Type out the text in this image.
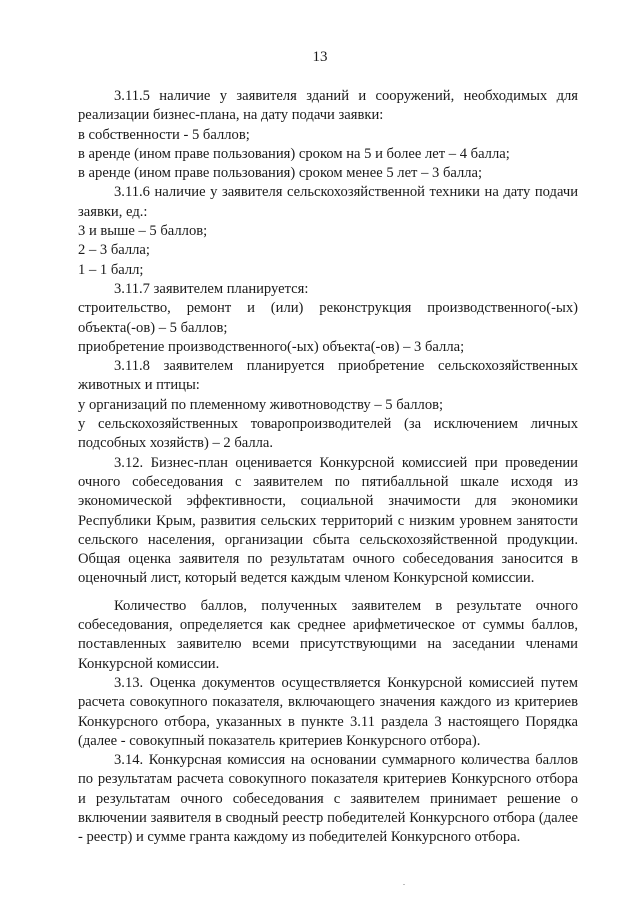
13

3.11.5 наличие у заявителя зданий и сооружений, необходимых для реализации бизнес-плана, на дату подачи заявки:

в собственности - 5 баллов;

в аренде (ином праве пользования) сроком на 5 и более лет – 4 балла;

в аренде (ином праве пользования) сроком менее 5 лет – 3 балла;

3.11.6 наличие у заявителя сельскохозяйственной техники на дату подачи заявки, ед.:

3 и выше – 5 баллов;

2 – 3 балла;

1 – 1 балл;

3.11.7 заявителем планируется:

строительство, ремонт и (или) реконструкция производственного(-ых) объекта(-ов) – 5 баллов;

приобретение производственного(-ых) объекта(-ов) – 3 балла;

3.11.8 заявителем планируется приобретение сельскохозяйственных животных и птицы:

у организаций по племенному животноводству – 5 баллов;

у сельскохозяйственных товаропроизводителей (за исключением личных подсобных хозяйств) – 2 балла.

3.12. Бизнес-план оценивается Конкурсной комиссией при проведении очного собеседования с заявителем по пятибалльной шкале исходя из экономической эффективности, социальной значимости для экономики Республики Крым, развития сельских территорий с низким уровнем занятости сельского населения, организации сбыта сельскохозяйственной продукции. Общая оценка заявителя по результатам очного собеседования заносится в оценочный лист, который ведется каждым членом Конкурсной комиссии.

Количество баллов, полученных заявителем в результате очного собеседования, определяется как среднее арифметическое от суммы баллов, поставленных заявителю всеми присутствующими на заседании членами Конкурсной комиссии.

3.13. Оценка документов осуществляется Конкурсной комиссией путем расчета совокупного показателя, включающего значения каждого из критериев Конкурсного отбора, указанных в пункте 3.11 раздела 3 настоящего Порядка (далее - совокупный показатель критериев Конкурсного отбора).

3.14. Конкурсная комиссия на основании суммарного количества баллов по результатам расчета совокупного показателя критериев Конкурсного отбора и результатам очного собеседования с заявителем принимает решение о включении заявителя в сводный реестр победителей Конкурсного отбора (далее - реестр) и сумме гранта каждому из победителей Конкурсного отбора.
